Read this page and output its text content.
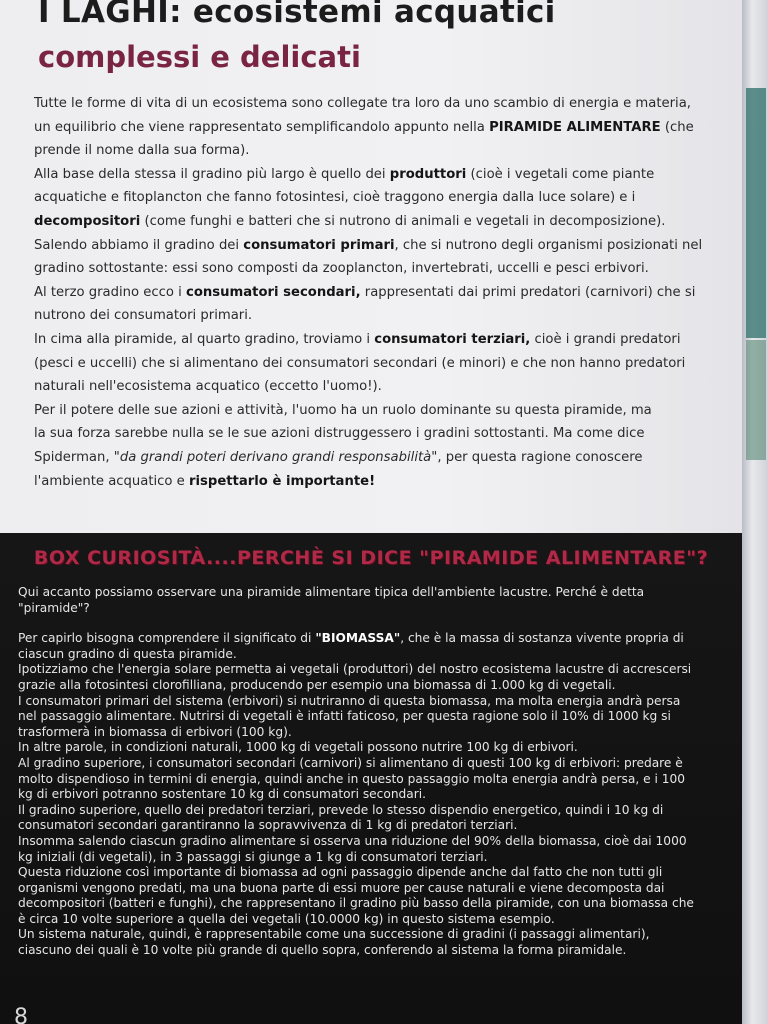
I LAGHI: ecosistemi acquatici
complessi e delicati

Tutte le forme di vita di un ecosistema sono collegate tra loro da uno scambio di energia e materia,

un equilibrio che viene rappresentato semplificandolo appunto nella PIRAMIDE ALIMENTARE (che

prende il nome dalla sua forma).

Alla base della stessa il gradino più largo è quello dei produttori (cioè i vegetali come piante

acquatiche e fitoplancton che fanno fotosintesi, cioè traggono energia dalla luce solare) e i

decompositori (come funghi e batteri che si nutrono di animali e vegetali in decomposizione).

Salendo abbiamo il gradino dei consumatori primari, che si nutrono degli organismi posizionati nel

gradino sottostante: essi sono composti da zooplancton, invertebrati, uccelli e pesci erbivori.

Al terzo gradino ecco i consumatori secondari, rappresentati dai primi predatori (carnivori) che si

nutrono dei consumatori primari.

In cima alla piramide, al quarto gradino, troviamo i consumatori terziari, cioè i grandi predatori

(pesci e uccelli) che si alimentano dei consumatori secondari (e minori) e che non hanno predatori

naturali nell'ecosistema acquatico (eccetto l'uomo!).

Per il potere delle sue azioni e attività, l'uomo ha un ruolo dominante su questa piramide, ma

la sua forza sarebbe nulla se le sue azioni distruggessero i gradini sottostanti. Ma come dice

Spiderman, "da grandi poteri derivano grandi responsabilità", per questa ragione conoscere

l'ambiente acquatico e rispettarlo è importante!

BOX CURIOSITÀ....PERCHÈ SI DICE "PIRAMIDE ALIMENTARE"?

Qui accanto possiamo osservare una piramide alimentare tipica dell'ambiente lacustre. Perché è detta

"piramide"?

Per capirlo bisogna comprendere il significato di "BIOMASSA", che è la massa di sostanza vivente propria di

ciascun gradino di questa piramide.

Ipotizziamo che l'energia solare permetta ai vegetali (produttori) del nostro ecosistema lacustre di accrescersi

grazie alla fotosintesi clorofilliana, producendo per esempio una biomassa di 1.000 kg di vegetali.

I consumatori primari del sistema (erbivori) si nutriranno di questa biomassa, ma molta energia andrà persa

nel passaggio alimentare. Nutrirsi di vegetali è infatti faticoso, per questa ragione solo il 10% di 1000 kg si

trasformerà in biomassa di erbivori (100 kg).

In altre parole, in condizioni naturali, 1000 kg di vegetali possono nutrire 100 kg di erbivori.

Al gradino superiore, i consumatori secondari (carnivori) si alimentano di questi 100 kg di erbivori: predare è

molto dispendioso in termini di energia, quindi anche in questo passaggio molta energia andrà persa, e i 100

kg di erbivori potranno sostentare 10 kg di consumatori secondari.

Il gradino superiore, quello dei predatori terziari, prevede lo stesso dispendio energetico, quindi i 10 kg di

consumatori secondari garantiranno la sopravvivenza di 1 kg di predatori terziari.

Insomma salendo ciascun gradino alimentare si osserva una riduzione del 90% della biomassa, cioè dai 1000

kg iniziali (di vegetali), in 3 passaggi si giunge a 1 kg di consumatori terziari.

Questa riduzione così importante di biomassa ad ogni passaggio dipende anche dal fatto che non tutti gli

organismi vengono predati, ma una buona parte di essi muore per cause naturali e viene decomposta dai

decompositori (batteri e funghi), che rappresentano il gradino più basso della piramide, con una biomassa che

è circa 10 volte superiore a quella dei vegetali (10.0000 kg) in questo sistema esempio.

Un sistema naturale, quindi, è rappresentabile come una successione di gradini (i passaggi alimentari),

ciascuno dei quali è 10 volte più grande di quello sopra, conferendo al sistema la forma piramidale.

8
